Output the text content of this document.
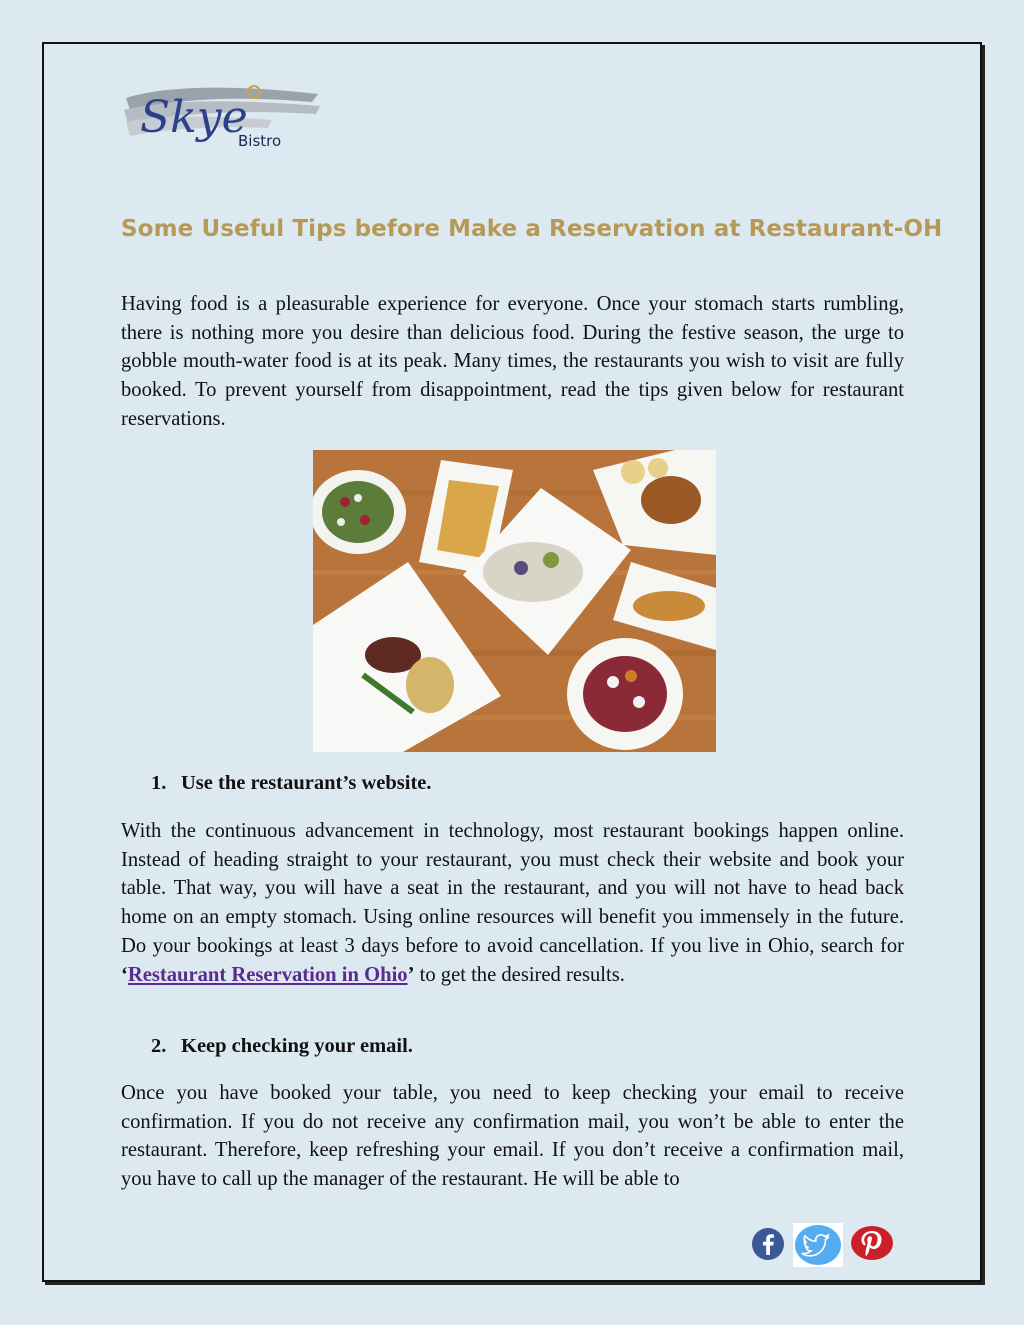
Skye
Bistro
Some Useful Tips before Make a Reservation at Restaurant-OH
Having food is a pleasurable experience for everyone. Once your stomach starts rumbling, there is nothing more you desire than delicious food. During the festive season, the urge to gobble mouth-water food is at its peak. Many times, the restaurants you wish to visit are fully booked. To prevent yourself from disappointment, read the tips given below for restaurant reservations.
1. Use the restaurant’s website.
With the continuous advancement in technology, most restaurant bookings happen online. Instead of heading straight to your restaurant, you must check their website and book your table. That way, you will have a seat in the restaurant, and you will not have to head back home on an empty stomach. Using online resources will benefit you immensely in the future. Do your bookings at least 3 days before to avoid cancellation. If you live in Ohio, search for ‘Restaurant Reservation in Ohio’ to get the desired results.
2. Keep checking your email.
Once you have booked your table, you need to keep checking your email to receive confirmation. If you do not receive any confirmation mail, you won’t be able to enter the restaurant. Therefore, keep refreshing your email. If you don’t receive a confirmation mail, you have to call up the manager of the restaurant. He will be able to
